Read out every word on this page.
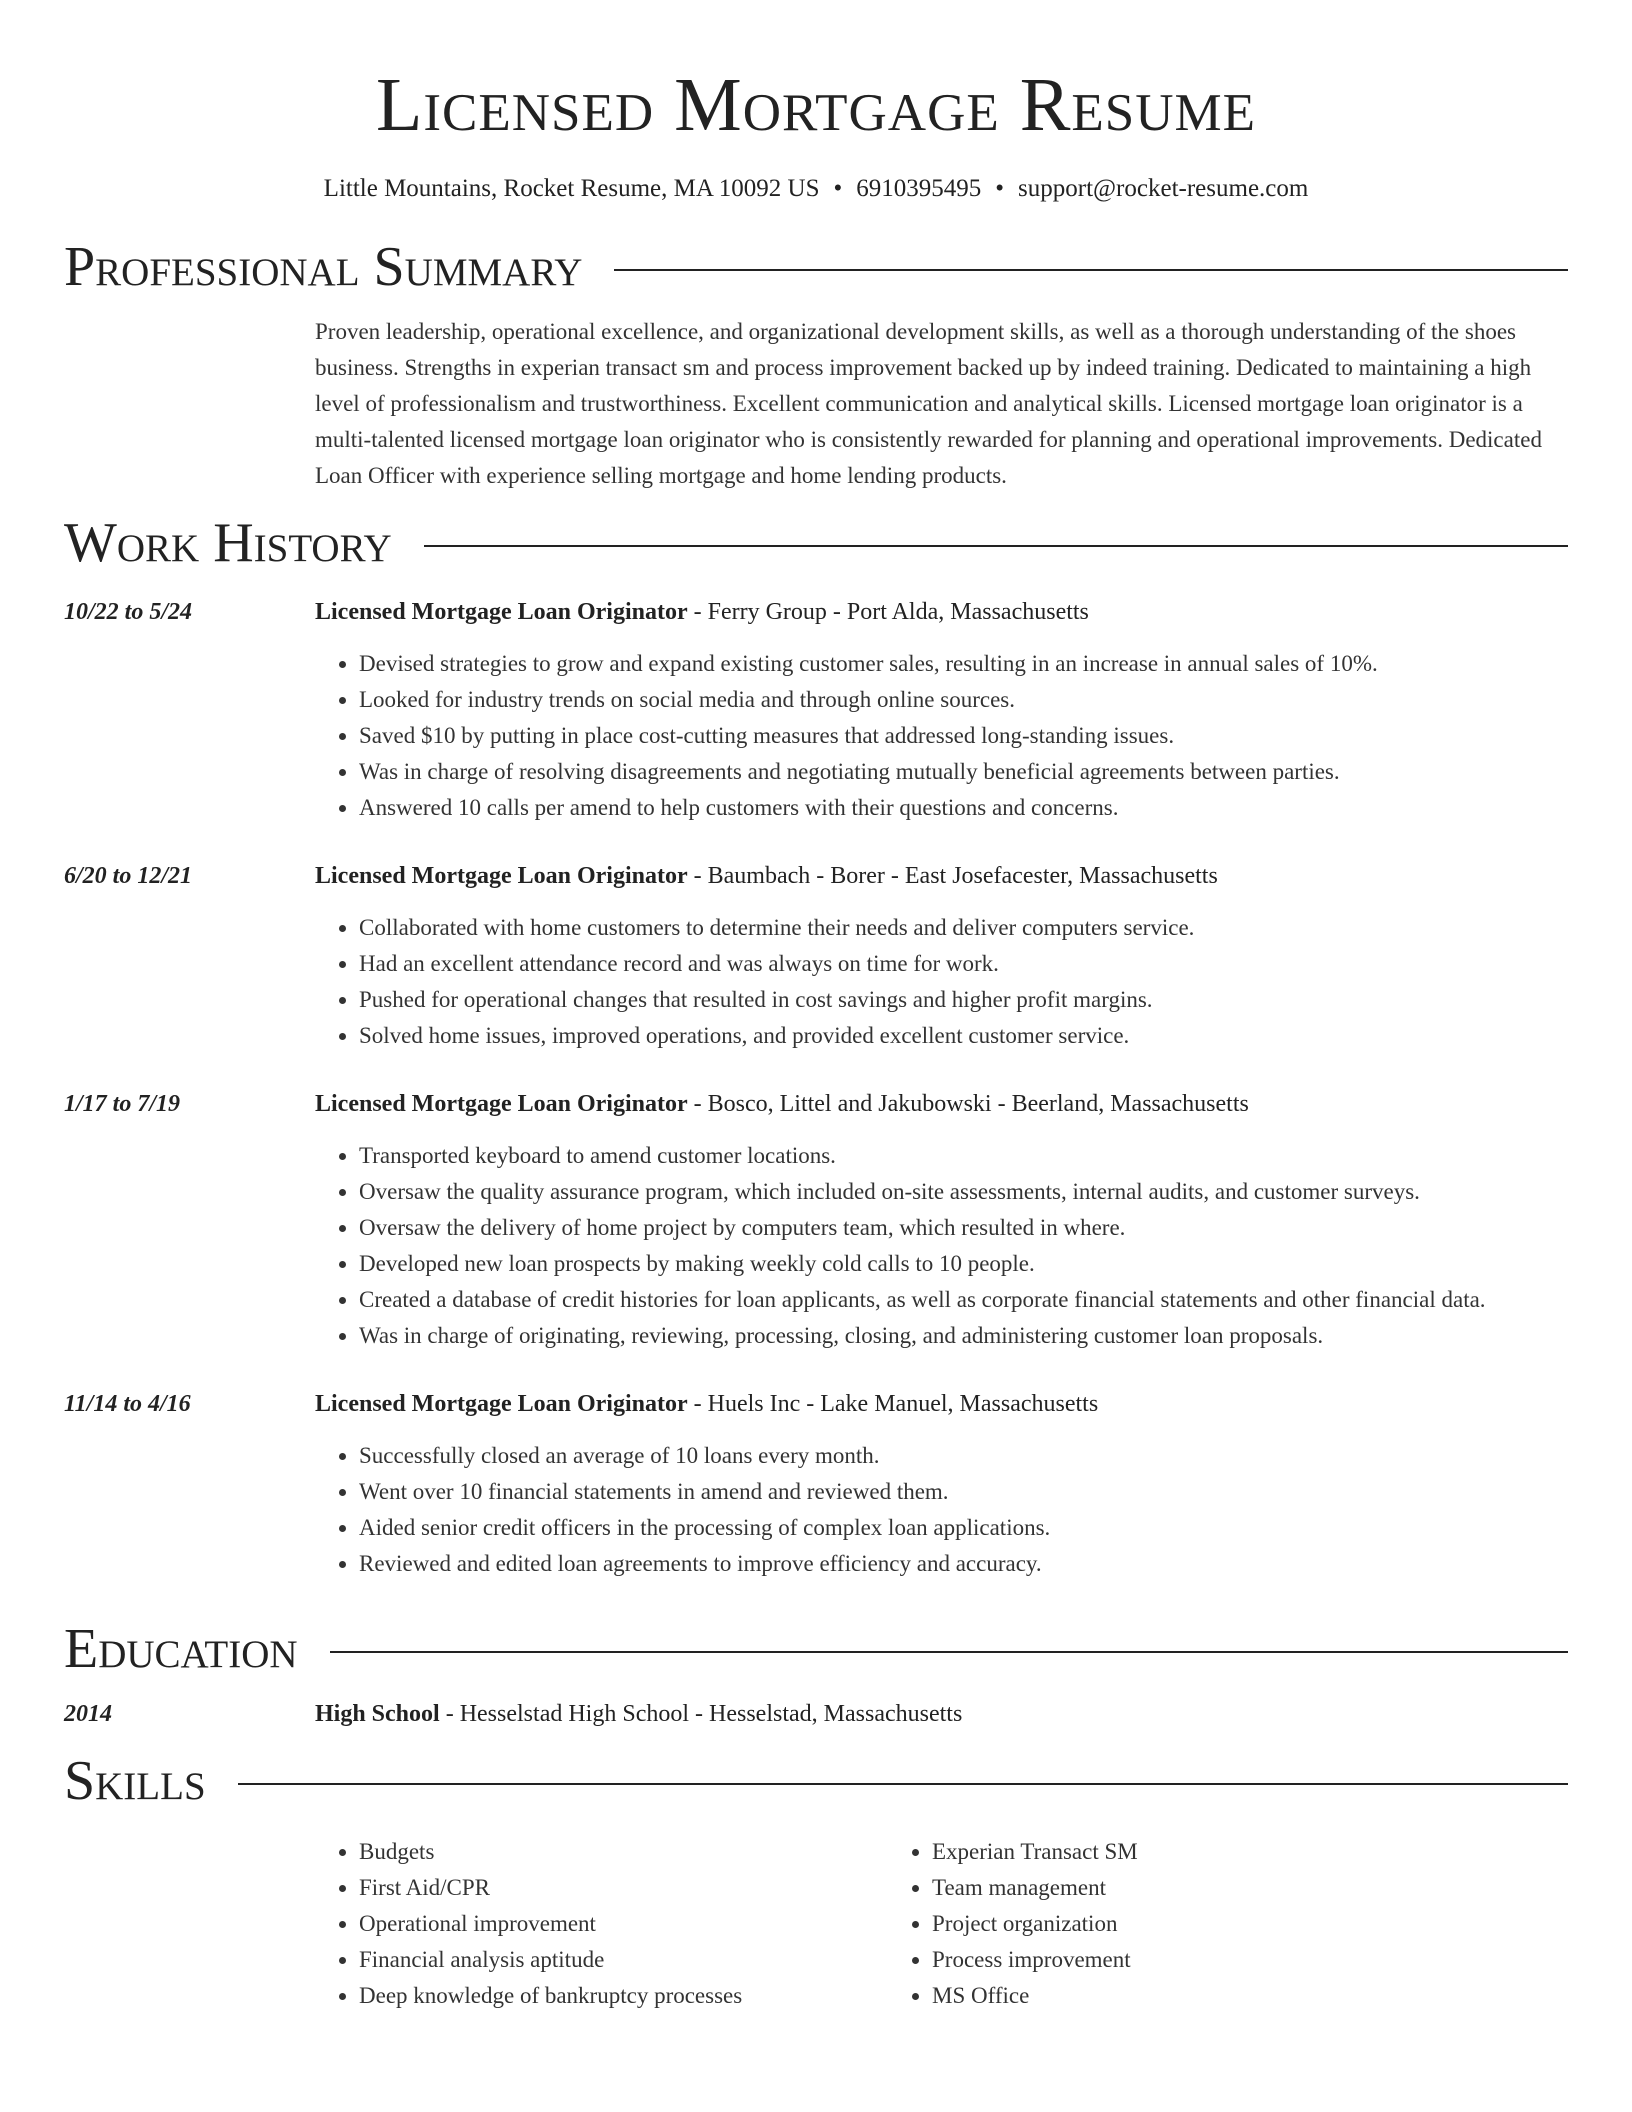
Licensed Mortgage Resume
Little Mountains, Rocket Resume, MA 10092 US • 6910395495 • support@rocket-resume.com
Professional Summary
Proven leadership, operational excellence, and organizational development skills, as well as a thorough understanding of the shoes business. Strengths in experian transact sm and process improvement backed up by indeed training. Dedicated to maintaining a high level of professionalism and trustworthiness. Excellent communication and analytical skills. Licensed mortgage loan originator is a multi-talented licensed mortgage loan originator who is consistently rewarded for planning and operational improvements. Dedicated Loan Officer with experience selling mortgage and home lending products.
Work History
10/22 to 5/24	Licensed Mortgage Loan Originator - Ferry Group - Port Alda, Massachusetts
• Devised strategies to grow and expand existing customer sales, resulting in an increase in annual sales of 10%.
• Looked for industry trends on social media and through online sources.
• Saved $10 by putting in place cost-cutting measures that addressed long-standing issues.
• Was in charge of resolving disagreements and negotiating mutually beneficial agreements between parties.
• Answered 10 calls per amend to help customers with their questions and concerns.
6/20 to 12/21	Licensed Mortgage Loan Originator - Baumbach - Borer - East Josefacester, Massachusetts
• Collaborated with home customers to determine their needs and deliver computers service.
• Had an excellent attendance record and was always on time for work.
• Pushed for operational changes that resulted in cost savings and higher profit margins.
• Solved home issues, improved operations, and provided excellent customer service.
1/17 to 7/19	Licensed Mortgage Loan Originator - Bosco, Littel and Jakubowski - Beerland, Massachusetts
• Transported keyboard to amend customer locations.
• Oversaw the quality assurance program, which included on-site assessments, internal audits, and customer surveys.
• Oversaw the delivery of home project by computers team, which resulted in where.
• Developed new loan prospects by making weekly cold calls to 10 people.
• Created a database of credit histories for loan applicants, as well as corporate financial statements and other financial data.
• Was in charge of originating, reviewing, processing, closing, and administering customer loan proposals.
11/14 to 4/16	Licensed Mortgage Loan Originator - Huels Inc - Lake Manuel, Massachusetts
• Successfully closed an average of 10 loans every month.
• Went over 10 financial statements in amend and reviewed them.
• Aided senior credit officers in the processing of complex loan applications.
• Reviewed and edited loan agreements to improve efficiency and accuracy.
Education
2014	High School - Hesselstad High School - Hesselstad, Massachusetts
Skills
• Budgets
• First Aid/CPR
• Operational improvement
• Financial analysis aptitude
• Deep knowledge of bankruptcy processes
• Experian Transact SM
• Team management
• Project organization
• Process improvement
• MS Office
